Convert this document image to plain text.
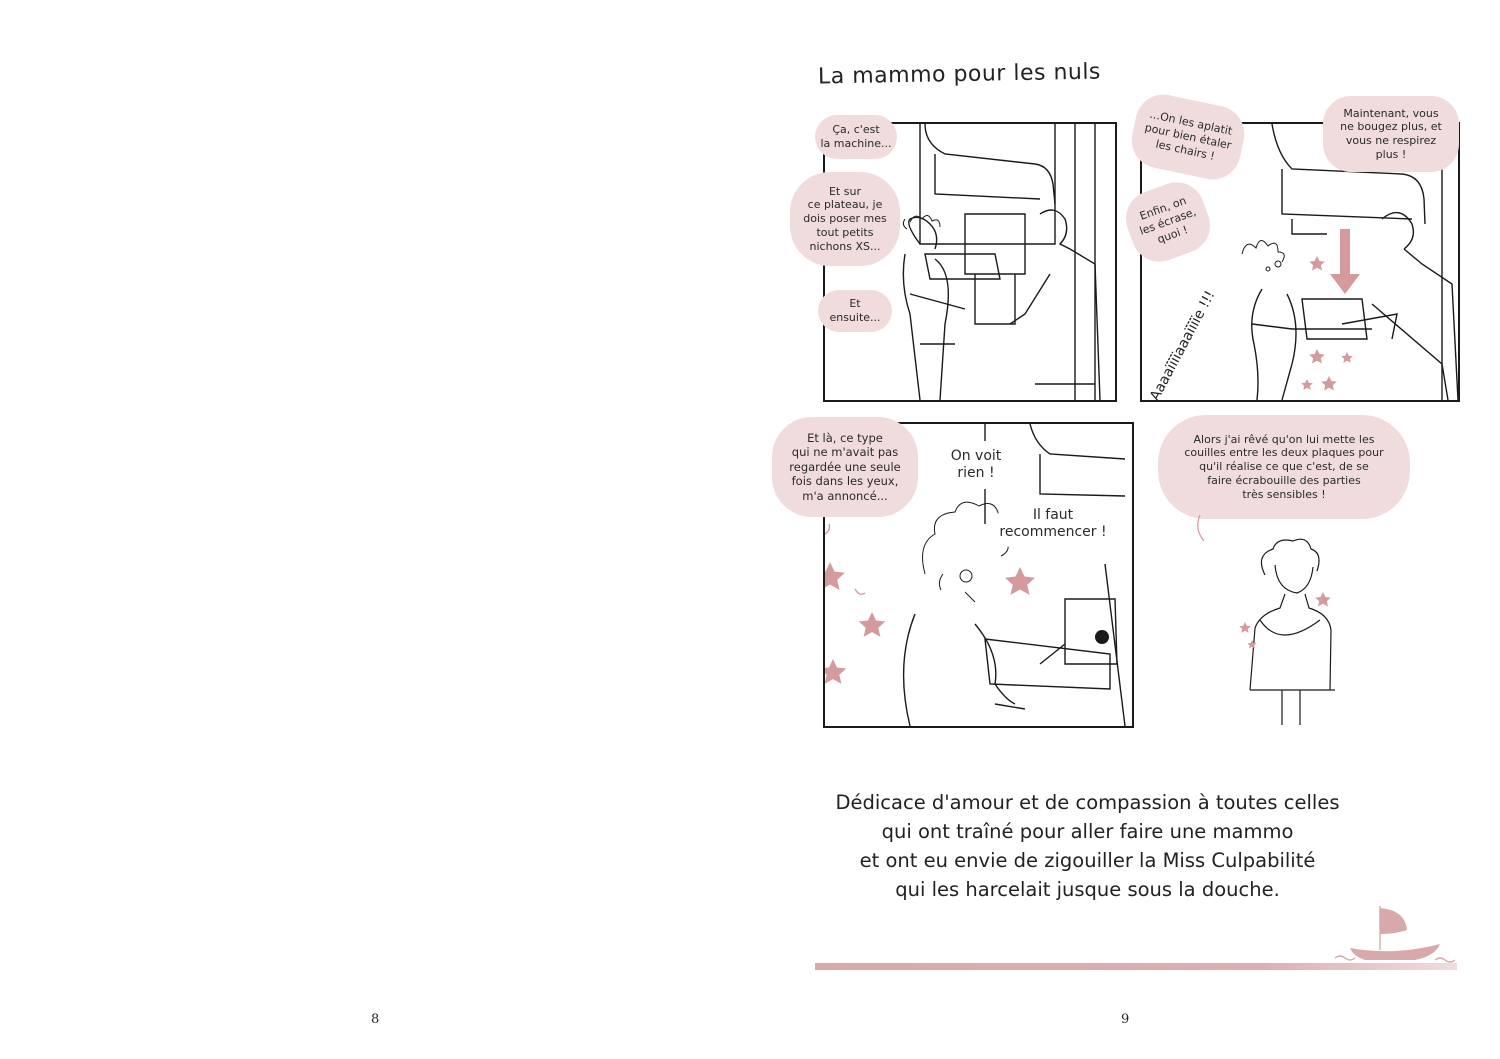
8
La mammo pour les nuls
Ça, c'est
la machine...
Et sur
ce plateau, je
dois poser mes
tout petits
nichons XS...
Et
ensuite...
...On les aplatit
pour bien étaler
les chairs !
Enfin, on
les écrase,
quoi !
Maintenant, vous
ne bougez plus, et
vous ne respirez
plus !
Aaaaïïïïaaaïïïïe !!!
Et là, ce type
qui ne m'avait pas
regardée une seule
fois dans les yeux,
m'a annoncé...
On voit
rien !
Il faut
recommencer !
Alors j'ai rêvé qu'on lui mette les
couilles entre les deux plaques pour
qu'il réalise ce que c'est, de se
faire écrabouille des parties
très sensibles !
Dédicace d'amour et de compassion à toutes celles
qui ont traîné pour aller faire une mammo
et ont eu envie de zigouiller la Miss Culpabilité
qui les harcelait jusque sous la douche.
9
